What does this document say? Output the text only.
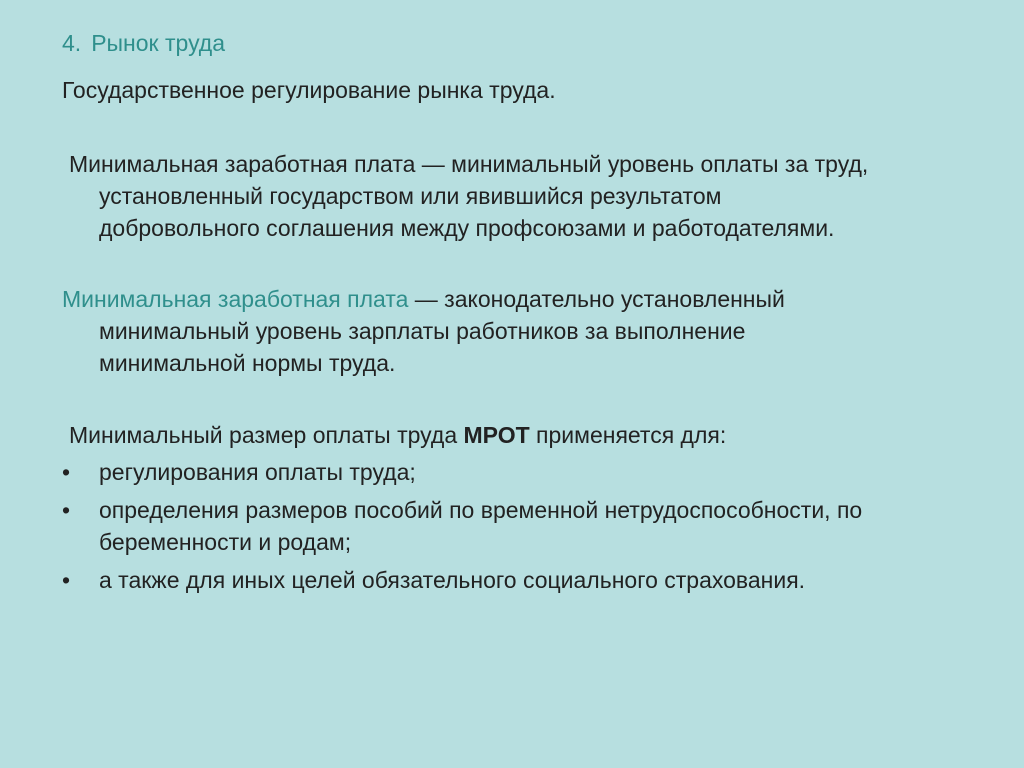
4. Рынок труда
Государственное регулирование рынка труда.
Минимальная заработная плата — минимальный уровень оплаты за труд,
установленный государством или явившийся результатом
добровольного соглашения между профсоюзами и работодателями.
Минимальная заработная плата — законодательно установленный
минимальный уровень зарплаты работников за выполнение
минимальной нормы труда.
Минимальный размер оплаты труда МРОТ применяется для:
• регулирования оплаты труда;
• определения размеров пособий по временной нетрудоспособности, по
беременности и родам;
• а также для иных целей обязательного социального страхования.
